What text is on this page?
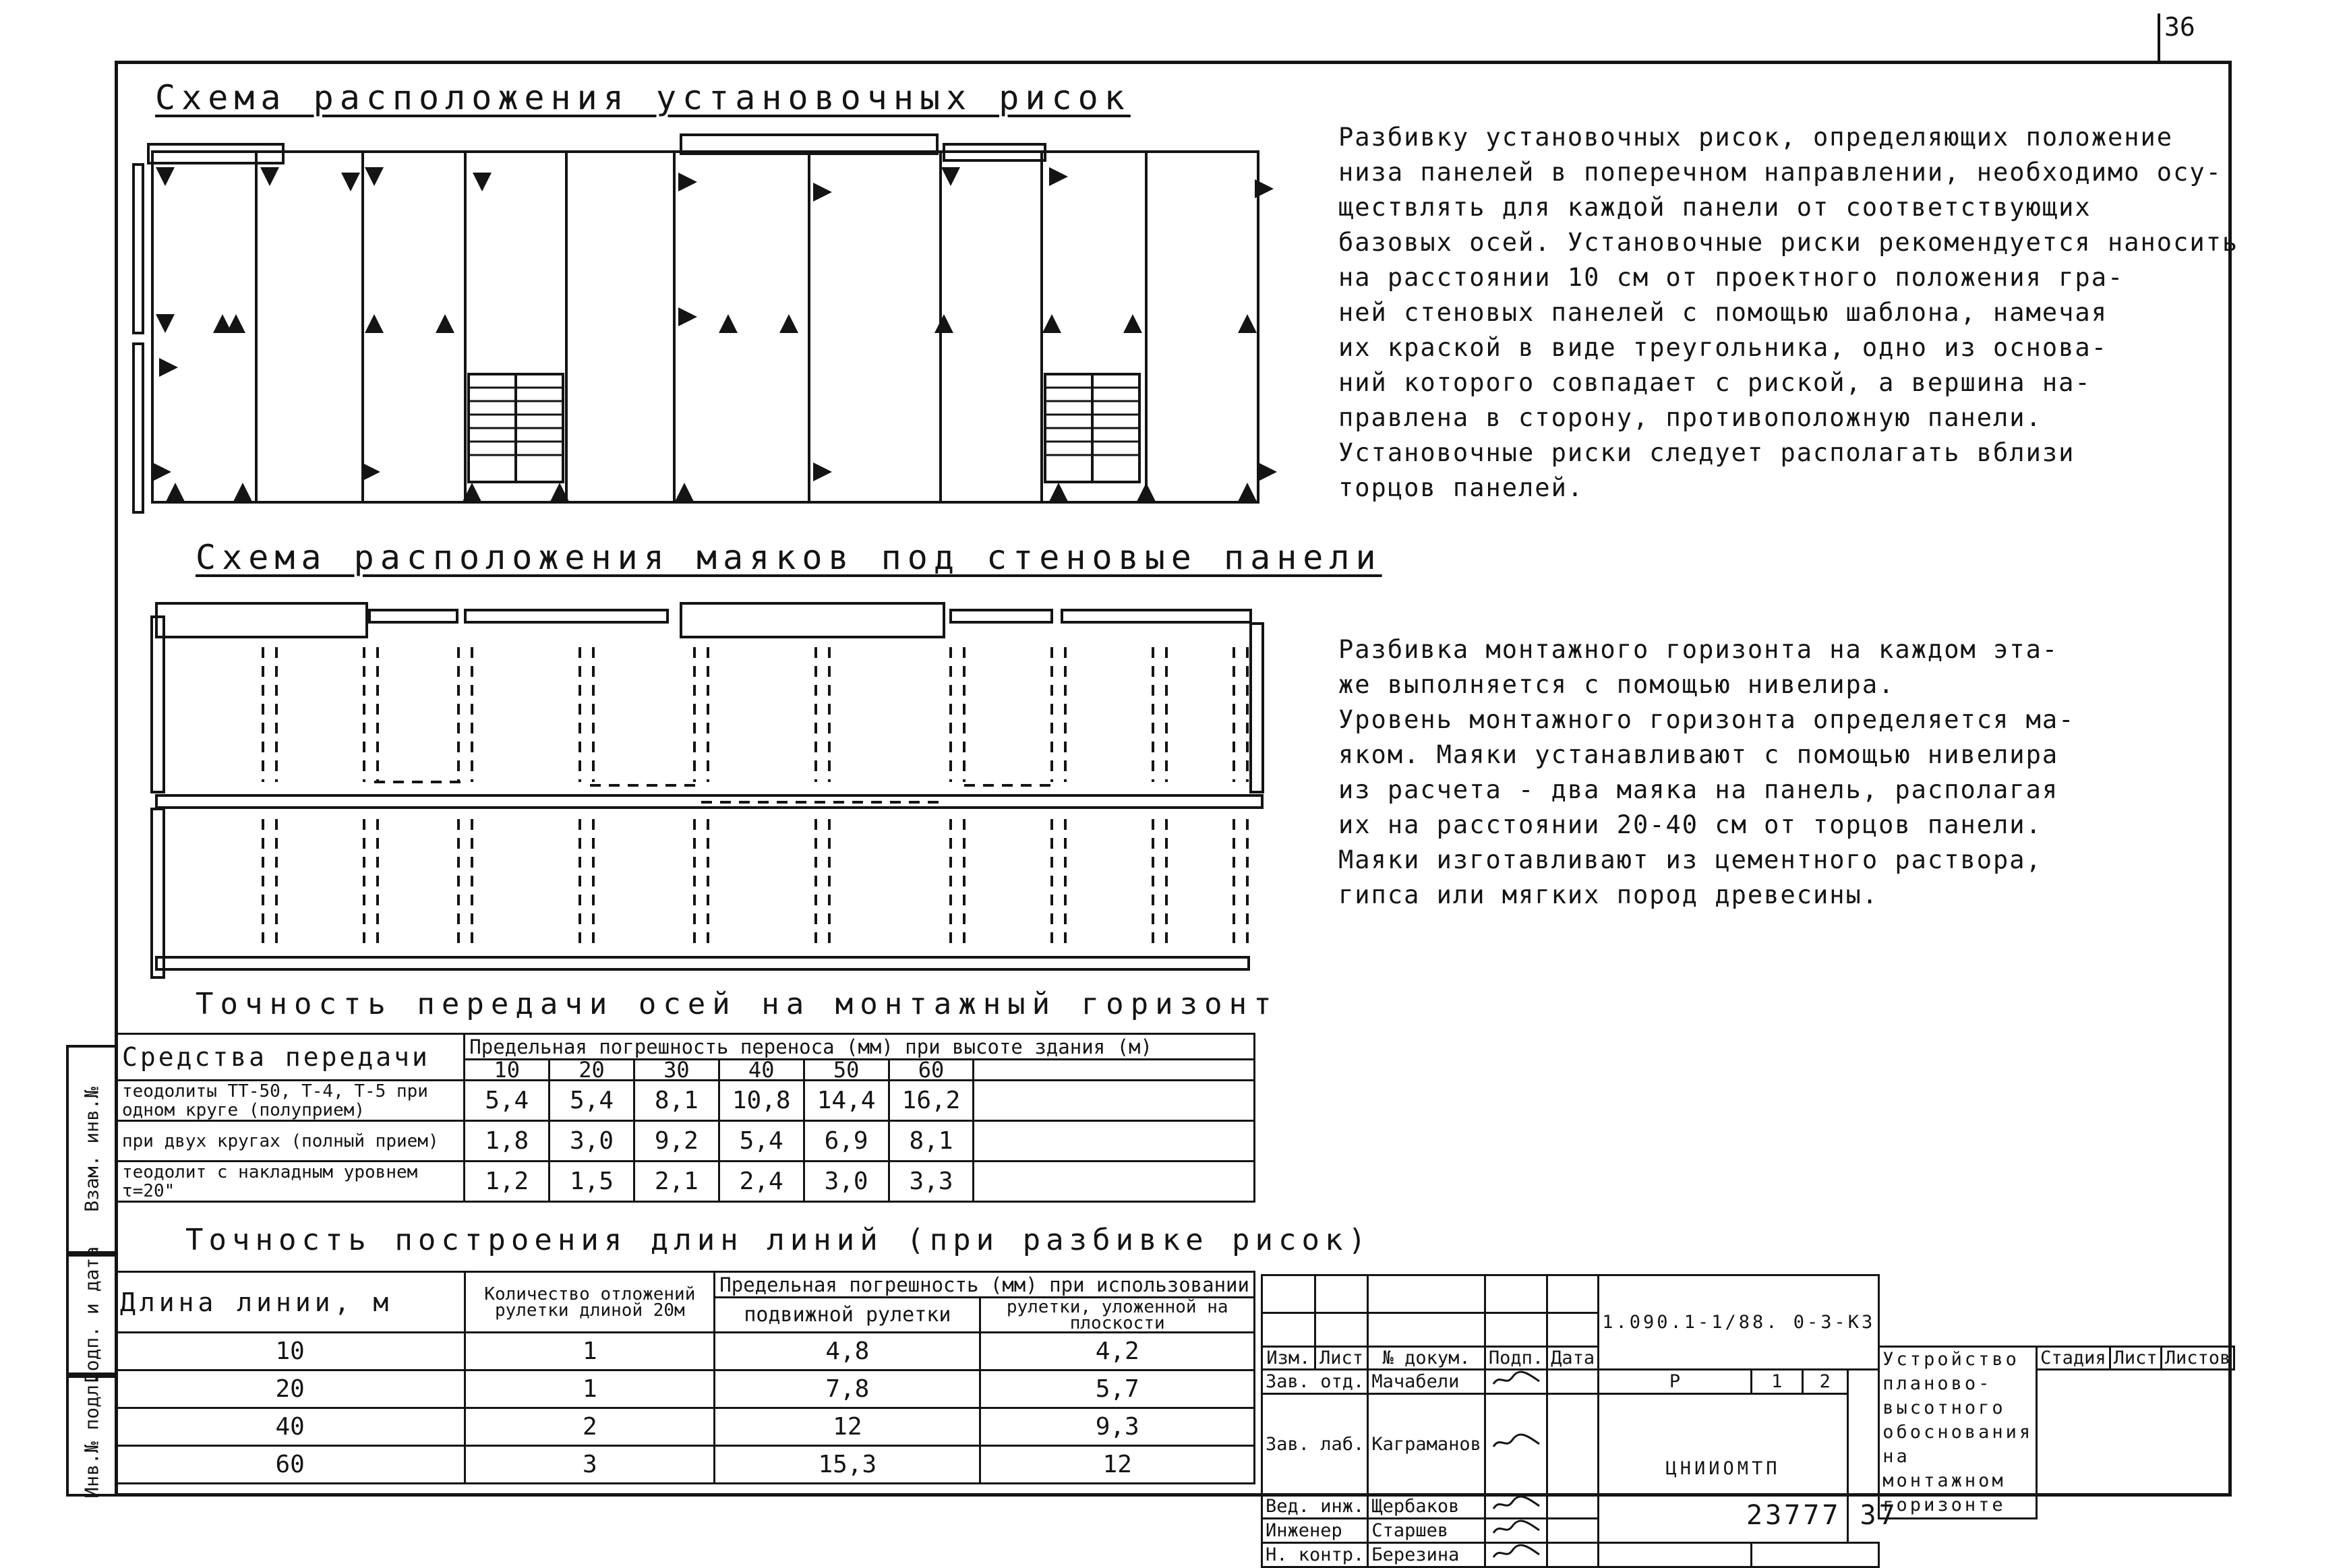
36
Взам. инв.№
Подп. и дата
Инв.№ подл.
Схема расположения установочных рисок
Схема расположения маяков под стеновые панели
Разбивку установочных рисок, определяющих положение
низа панелей в поперечном направлении, необходимо осу-
ществлять для каждой панели от соответствующих
базовых осей. Установочные риски рекомендуется наносить
на расстоянии 10 см от проектного положения гра-
ней стеновых панелей с помощью шаблона, намечая
их краской в виде треугольника, одно из основа-
ний которого совпадает с риской, а вершина на-
правлена в сторону, противоположную панели.
Установочные риски следует располагать вблизи
торцов панелей.
Разбивка монтажного горизонта на каждом эта-
же выполняется с помощью нивелира.
Уровень монтажного горизонта определяется ма-
яком. Маяки устанавливают с помощью нивелира
из расчета - два маяка на панель, располагая
их на расстоянии 20-40 см от торцов панели.
Маяки изготавливают из цементного раствора,
гипса или мягких пород древесины.
Точность передачи осей на монтажный горизонт
Средства передачи	Предельная погрешность переноса (мм) при высоте здания (м)						
	10	20	30	40	50	60	
теодолиты ТТ-50, Т-4, Т-5 при одном круге (полуприем)	5,4	5,4	8,1	10,8	14,4	16,2	
при двух кругах (полный прием)	1,8	3,0	9,2	5,4	6,9	8,1	
теодолит с накладным уровнем τ=20"	1,2	1,5	2,1	2,4	3,0	3,3	
Точность построения длин линий (при разбивке рисок)
Длина линии, м	Количество отложений рулетки длиной 20м	Предельная погрешность (мм) при использовании	
		подвижной рулетки	рулетки, уложенной на плоскости
10	1	4,8	4,2
20	1	7,8	5,7
40	2	12	9,3
60	3	15,3	12
					1.090.1-1/88. 0-3-К3						

Изм.	Лист	№ докум.	Подп.	Дата				Устройство планово-высотного обоснования на монтажном горизонте	Стадия	Лист	Листов
Зав. отд.		Мачабели			Р	1	2				
Зав. лаб.		Каграманов			ЦНИИОМТП						
Вед. инж.		Щербаков		
Инженер		Старшев		
Н. контр.		Березина				
23777 37
